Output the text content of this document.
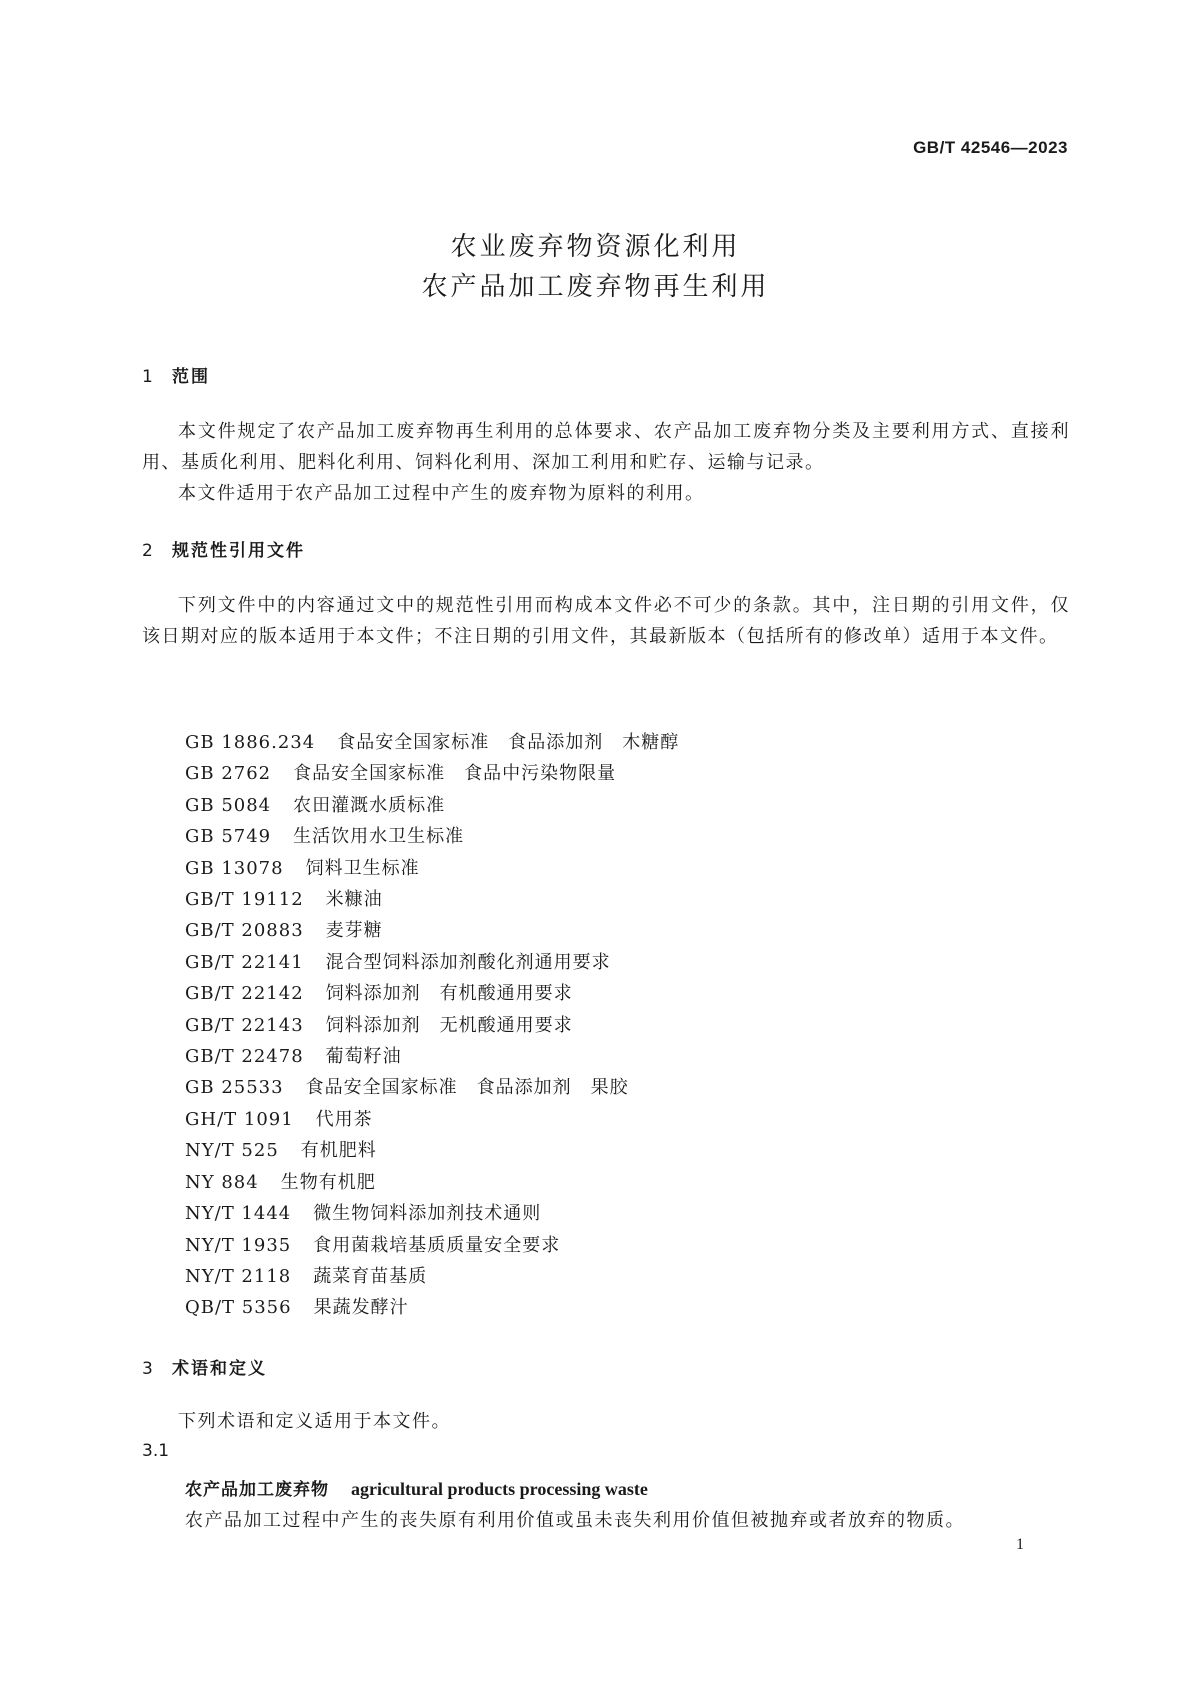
GB/T 42546—2023
农业废弃物资源化利用
农产品加工废弃物再生利用
1 范围
本文件规定了农产品加工废弃物再生利用的总体要求、农产品加工废弃物分类及主要利用方式、直接利用、基质化利用、肥料化利用、饲料化利用、深加工利用和贮存、运输与记录。
本文件适用于农产品加工过程中产生的废弃物为原料的利用。
2 规范性引用文件
下列文件中的内容通过文中的规范性引用而构成本文件必不可少的条款。其中，注日期的引用文件，仅该日期对应的版本适用于本文件；不注日期的引用文件，其最新版本（包括所有的修改单）适用于本文件。
GB 1886.234 食品安全国家标准　食品添加剂　木糖醇
GB 2762 食品安全国家标准　食品中污染物限量
GB 5084 农田灌溉水质标准
GB 5749 生活饮用水卫生标准
GB 13078 饲料卫生标准
GB/T 19112 米糠油
GB/T 20883 麦芽糖
GB/T 22141 混合型饲料添加剂酸化剂通用要求
GB/T 22142 饲料添加剂　有机酸通用要求
GB/T 22143 饲料添加剂　无机酸通用要求
GB/T 22478 葡萄籽油
GB 25533 食品安全国家标准　食品添加剂　果胶
GH/T 1091 代用茶
NY/T 525 有机肥料
NY 884 生物有机肥
NY/T 1444 微生物饲料添加剂技术通则
NY/T 1935 食用菌栽培基质质量安全要求
NY/T 2118 蔬菜育苗基质
QB/T 5356 果蔬发酵汁
3 术语和定义
下列术语和定义适用于本文件。
3.1
农产品加工废弃物 agricultural products processing waste
农产品加工过程中产生的丧失原有利用价值或虽未丧失利用价值但被抛弃或者放弃的物质。
1
